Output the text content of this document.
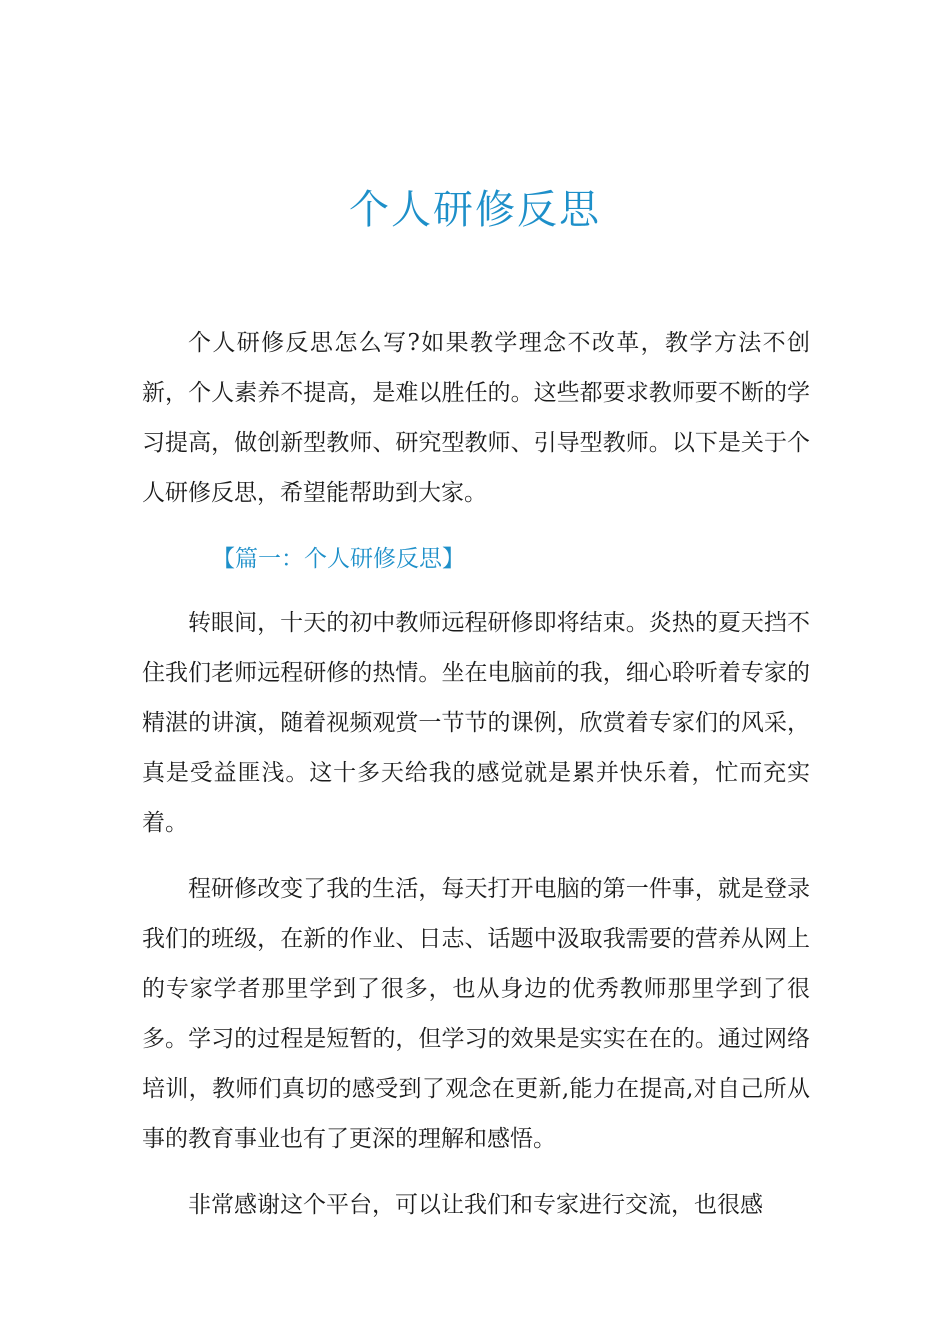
个人研修反思

个人研修反思怎么写?如果教学理念不改革，教学方法不创新，个人素养不提高，是难以胜任的。这些都要求教师要不断的学习提高，做创新型教师、研究型教师、引导型教师。以下是关于个人研修反思，希望能帮助到大家。

【篇一：个人研修反思】

转眼间，十天的初中教师远程研修即将结束。炎热的夏天挡不住我们老师远程研修的热情。坐在电脑前的我，细心聆听着专家的精湛的讲演，随着视频观赏一节节的课例，欣赏着专家们的风采，真是受益匪浅。这十多天给我的感觉就是累并快乐着，忙而充实着。

程研修改变了我的生活，每天打开电脑的第一件事，就是登录我们的班级，在新的作业、日志、话题中汲取我需要的营养从网上的专家学者那里学到了很多，也从身边的优秀教师那里学到了很多。学习的过程是短暂的，但学习的效果是实实在在的。通过网络培训，教师们真切的感受到了观念在更新,能力在提高,对自己所从事的教育事业也有了更深的理解和感悟。

非常感谢这个平台，可以让我们和专家进行交流，也很感
